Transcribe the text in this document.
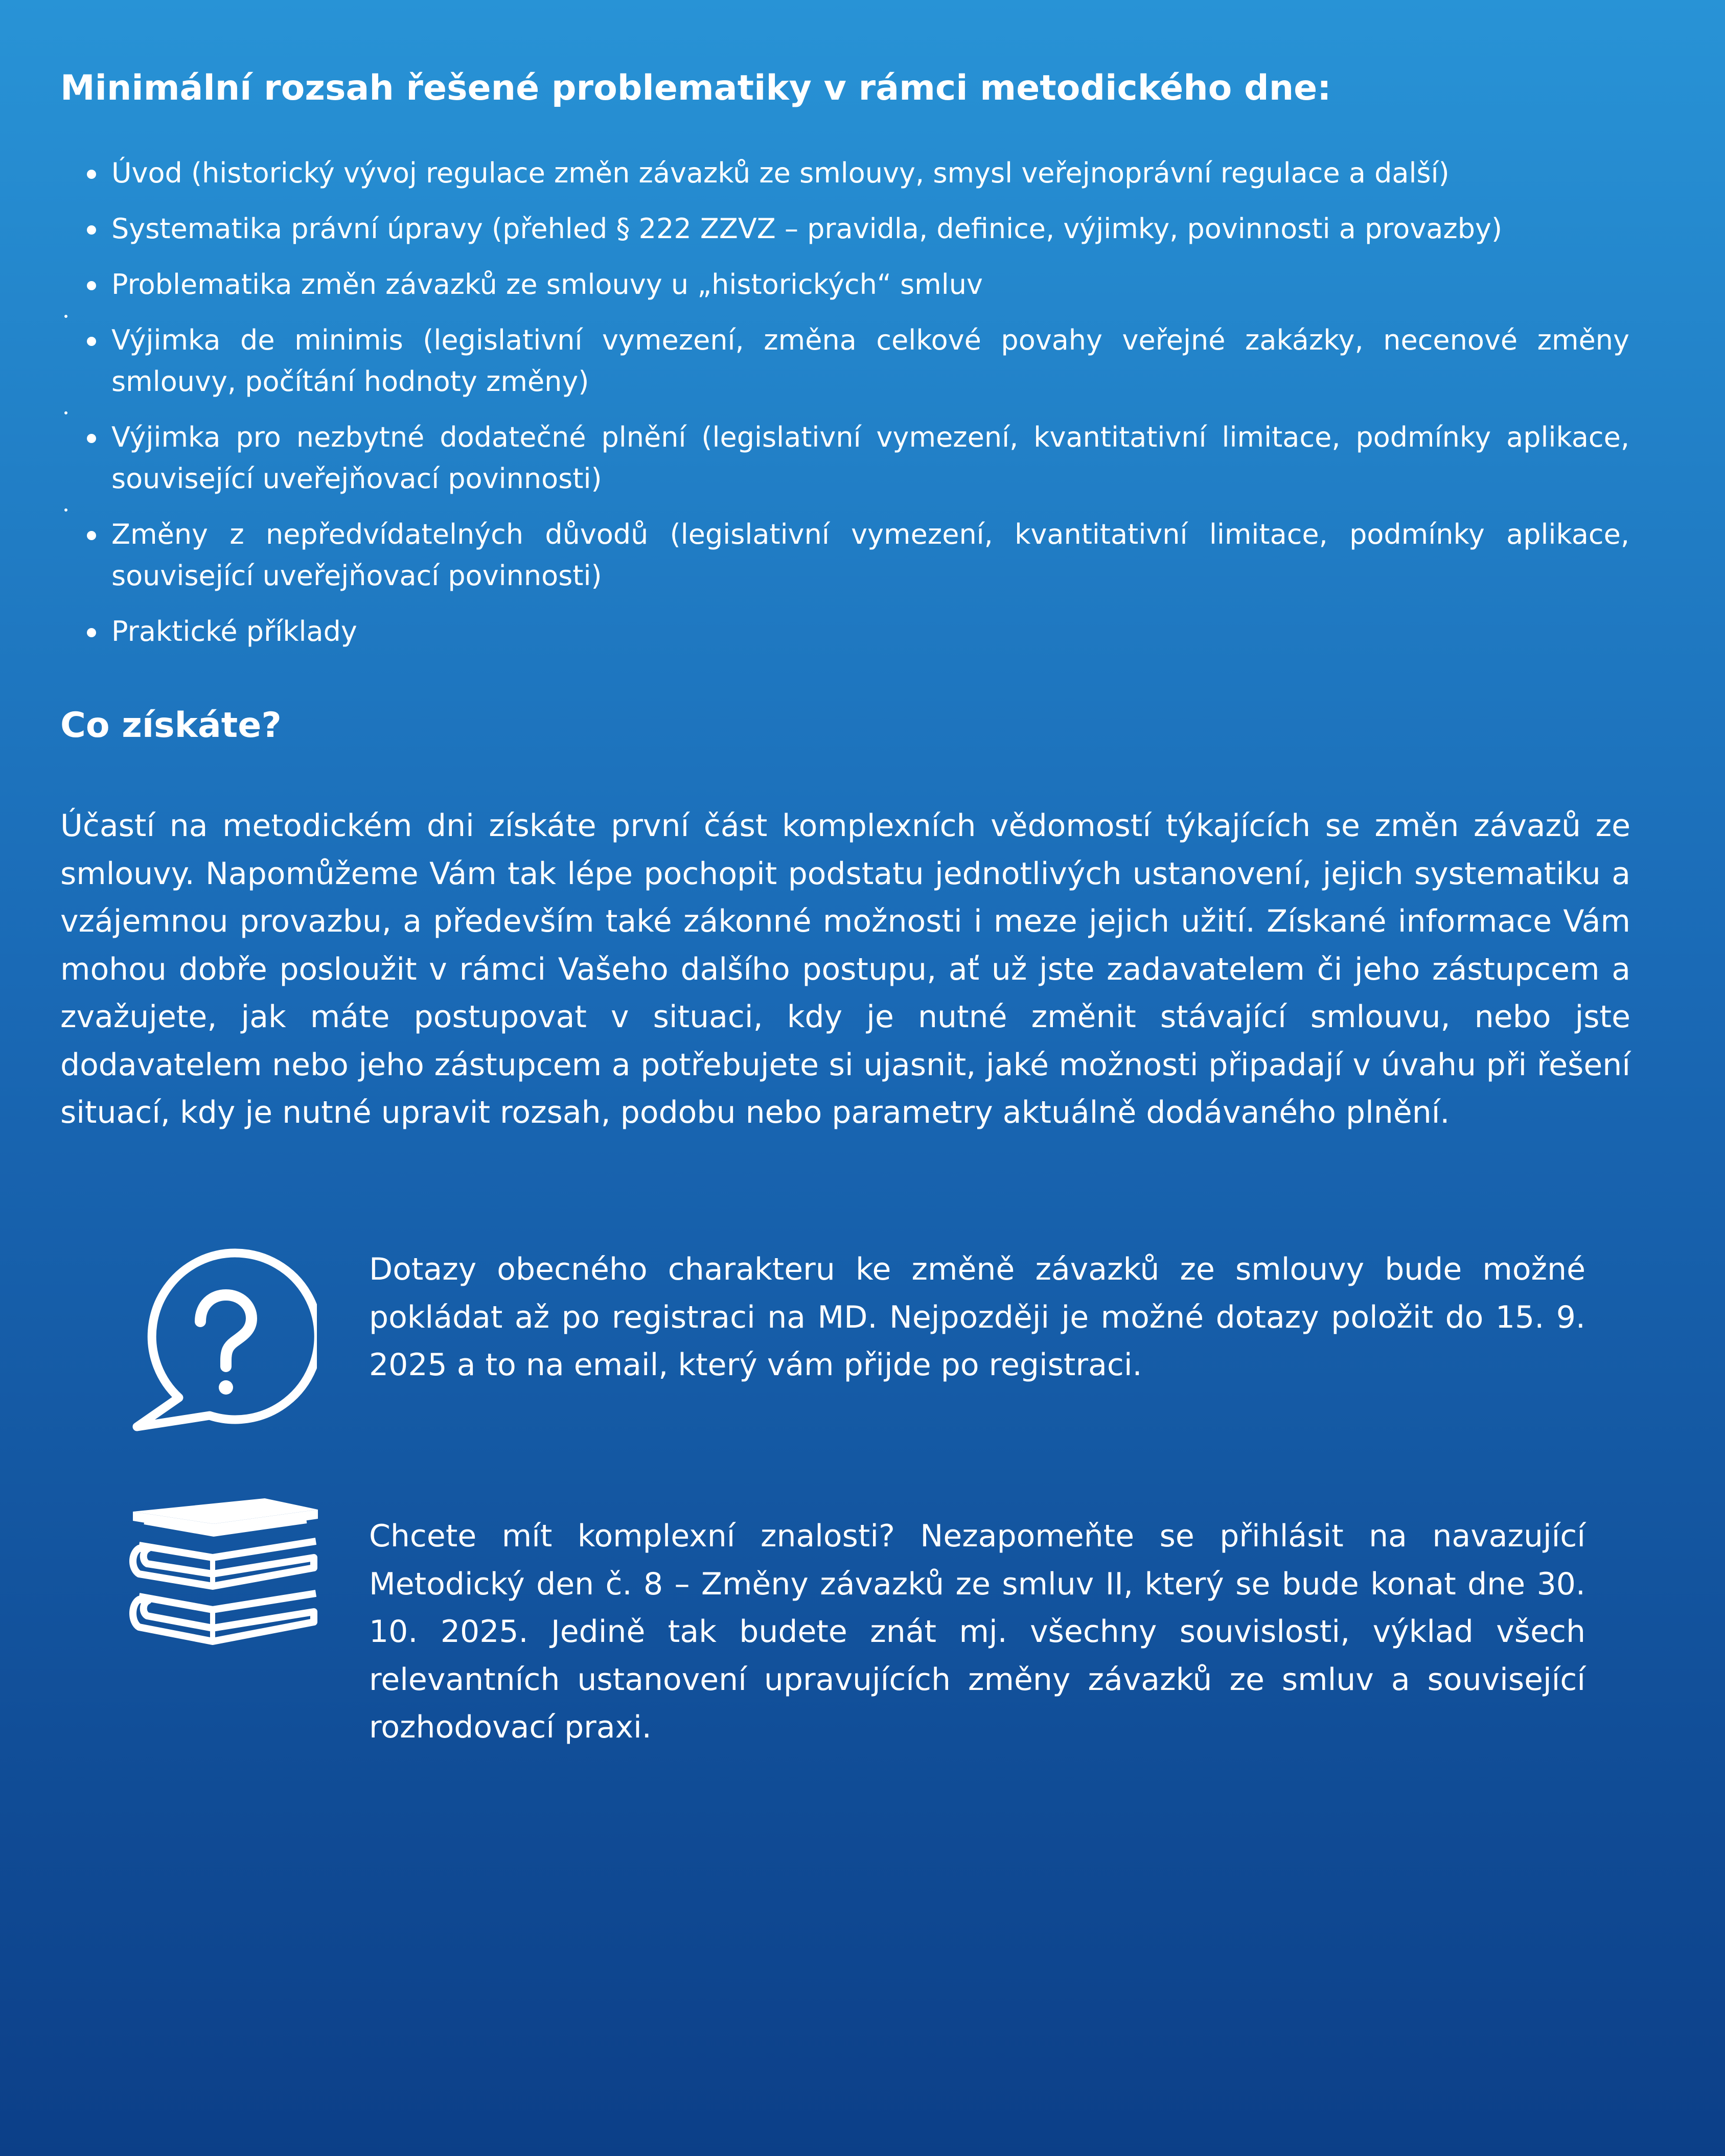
Minimální rozsah řešené problematiky v rámci metodického dne:
Úvod (historický vývoj regulace změn závazků ze smlouvy, smysl veřejnoprávní regulace a další)
Systematika právní úpravy (přehled § 222 ZZVZ – pravidla, definice, výjimky, povinnosti a provazby)
Problematika změn závazků ze smlouvy u „historických“ smluv
Výjimka de minimis (legislativní vymezení, změna celkové povahy veřejné zakázky, necenové změny smlouvy, počítání hodnoty změny)
Výjimka pro nezbytné dodatečné plnění (legislativní vymezení, kvantitativní limitace, podmínky aplikace, související uveřejňovací povinnosti)
Změny z nepředvídatelných důvodů (legislativní vymezení, kvantitativní limitace, podmínky aplikace, související uveřejňovací povinnosti)
Praktické příklady
Co získáte?

Účastí na metodickém dni získáte první část komplexních vědomostí týkajících se změn závazů ze smlouvy. Napomůžeme Vám tak lépe pochopit podstatu jednotlivých ustanovení, jejich systematiku a vzájemnou provazbu, a především také zákonné možnosti i meze jejich užití. Získané informace Vám mohou dobře posloužit v rámci Vašeho dalšího postupu, ať už jste zadavatelem či jeho zástupcem a zvažujete, jak máte postupovat v situaci, kdy je nutné změnit stávající smlouvu, nebo jste dodavatelem nebo jeho zástupcem a potřebujete si ujasnit, jaké možnosti připadají v úvahu při řešení situací, kdy je nutné upravit rozsah, podobu nebo parametry aktuálně dodávaného plnění.

Dotazy obecného charakteru ke změně závazků ze smlouvy bude možné pokládat až po registraci na MD. Nejpozději je možné dotazy položit do 15. 9. 2025 a to na email, který vám přijde po registraci.

Chcete mít komplexní znalosti? Nezapomeňte se přihlásit na navazující Metodický den č. 8 – Změny závazků ze smluv II, který se bude konat dne 30. 10. 2025. Jedině tak budete znát mj. všechny souvislosti, výklad všech relevantních ustanovení upravujících změny závazků ze smluv a související rozhodovací praxi.
